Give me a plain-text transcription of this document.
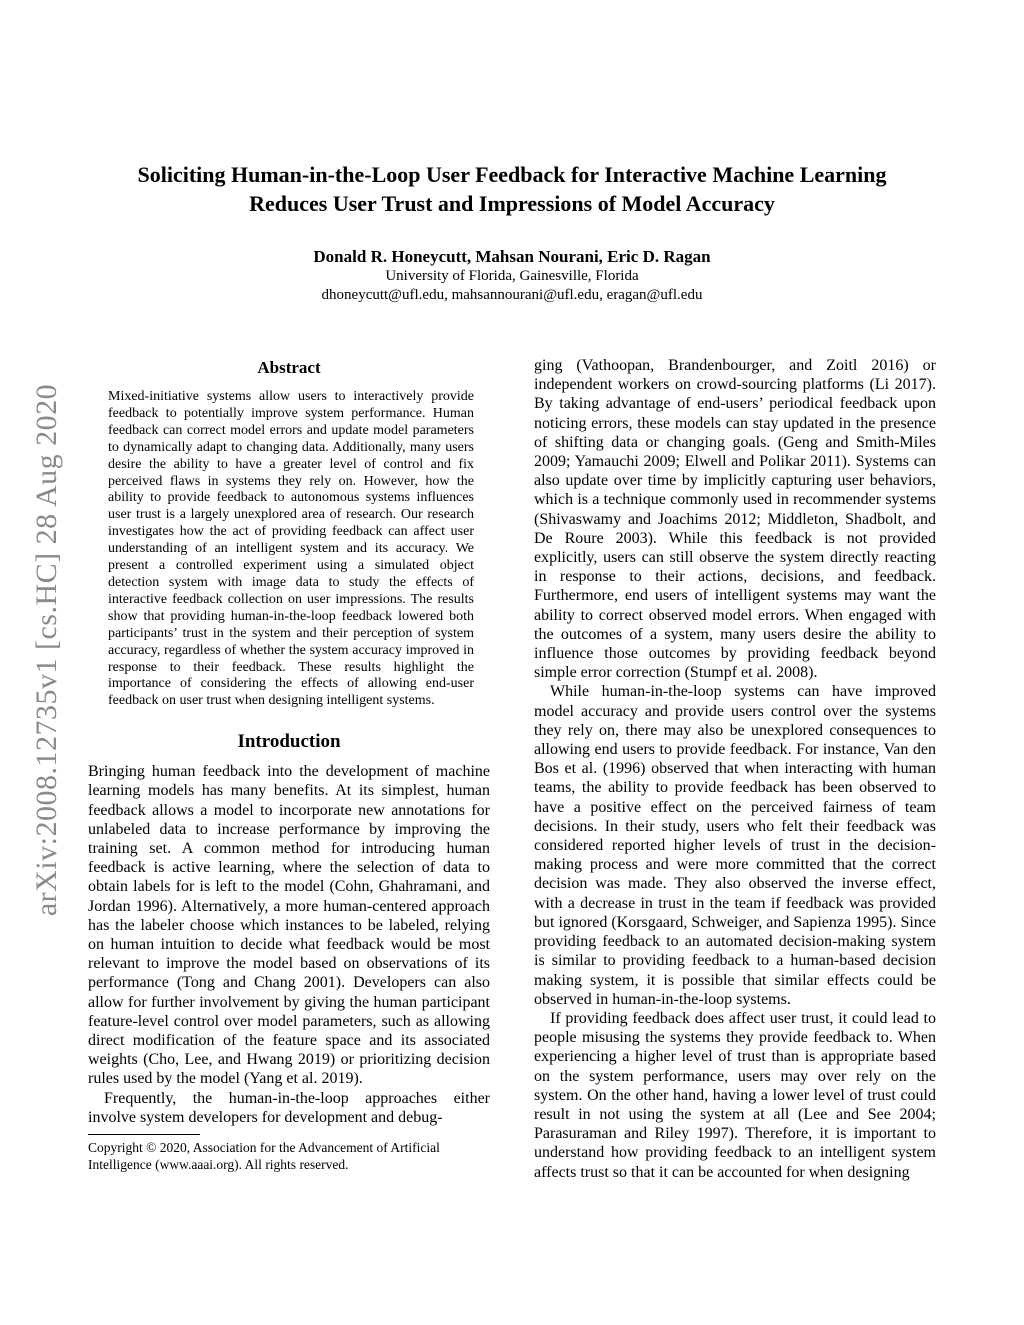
arXiv:2008.12735v1 [cs.HC] 28 Aug 2020
Soliciting Human-in-the-Loop User Feedback for Interactive Machine Learning
Reduces User Trust and Impressions of Model Accuracy
Donald R. Honeycutt, Mahsan Nourani, Eric D. Ragan
University of Florida, Gainesville, Florida
dhoneycutt@ufl.edu, mahsannourani@ufl.edu, eragan@ufl.edu
Abstract

Mixed-initiative systems allow users to interactively provide feedback to potentially improve system performance. Human feedback can correct model errors and update model parameters to dynamically adapt to changing data. Additionally, many users desire the ability to have a greater level of control and fix perceived flaws in systems they rely on. However, how the ability to provide feedback to autonomous systems influences user trust is a largely unexplored area of research. Our research investigates how the act of providing feedback can affect user understanding of an intelligent system and its accuracy. We present a controlled experiment using a simulated object detection system with image data to study the effects of interactive feedback collection on user impressions. The results show that providing human-in-the-loop feedback lowered both participants’ trust in the system and their perception of system accuracy, regardless of whether the system accuracy improved in response to their feedback. These results highlight the importance of considering the effects of allowing end-user feedback on user trust when designing intelligent systems.

Introduction

Bringing human feedback into the development of machine learning models has many benefits. At its simplest, human feedback allows a model to incorporate new annotations for unlabeled data to increase performance by improving the training set. A common method for introducing human feedback is active learning, where the selection of data to obtain labels for is left to the model (Cohn, Ghahramani, and Jordan 1996). Alternatively, a more human-centered approach has the labeler choose which instances to be labeled, relying on human intuition to decide what feedback would be most relevant to improve the model based on observations of its performance (Tong and Chang 2001). Developers can also allow for further involvement by giving the human participant feature-level control over model parameters, such as allowing direct modification of the feature space and its associated weights (Cho, Lee, and Hwang 2019) or prioritizing decision rules used by the model (Yang et al. 2019).

Frequently, the human-in-the-loop approaches either involve system developers for development and debug-

ging (Vathoopan, Brandenbourger, and Zoitl 2016) or independent workers on crowd-sourcing platforms (Li 2017). By taking advantage of end-users’ periodical feedback upon noticing errors, these models can stay updated in the presence of shifting data or changing goals. (Geng and Smith-Miles 2009; Yamauchi 2009; Elwell and Polikar 2011). Systems can also update over time by implicitly capturing user behaviors, which is a technique commonly used in recommender systems (Shivaswamy and Joachims 2012; Middleton, Shadbolt, and De Roure 2003). While this feedback is not provided explicitly, users can still observe the system directly reacting in response to their actions, decisions, and feedback. Furthermore, end users of intelligent systems may want the ability to correct observed model errors. When engaged with the outcomes of a system, many users desire the ability to influence those outcomes by providing feedback beyond simple error correction (Stumpf et al. 2008).

While human-in-the-loop systems can have improved model accuracy and provide users control over the systems they rely on, there may also be unexplored consequences to allowing end users to provide feedback. For instance, Van den Bos et al. (1996) observed that when interacting with human teams, the ability to provide feedback has been observed to have a positive effect on the perceived fairness of team decisions. In their study, users who felt their feedback was considered reported higher levels of trust in the decision-making process and were more committed that the correct decision was made. They also observed the inverse effect, with a decrease in trust in the team if feedback was provided but ignored (Korsgaard, Schweiger, and Sapienza 1995). Since providing feedback to an automated decision-making system is similar to providing feedback to a human-based decision making system, it is possible that similar effects could be observed in human-in-the-loop systems.

If providing feedback does affect user trust, it could lead to people misusing the systems they provide feedback to. When experiencing a higher level of trust than is appropriate based on the system performance, users may over rely on the system. On the other hand, having a lower level of trust could result in not using the system at all (Lee and See 2004; Parasuraman and Riley 1997). Therefore, it is important to understand how providing feedback to an intelligent system affects trust so that it can be accounted for when designing

Copyright © 2020, Association for the Advancement of Artificial Intelligence (www.aaai.org). All rights reserved.
